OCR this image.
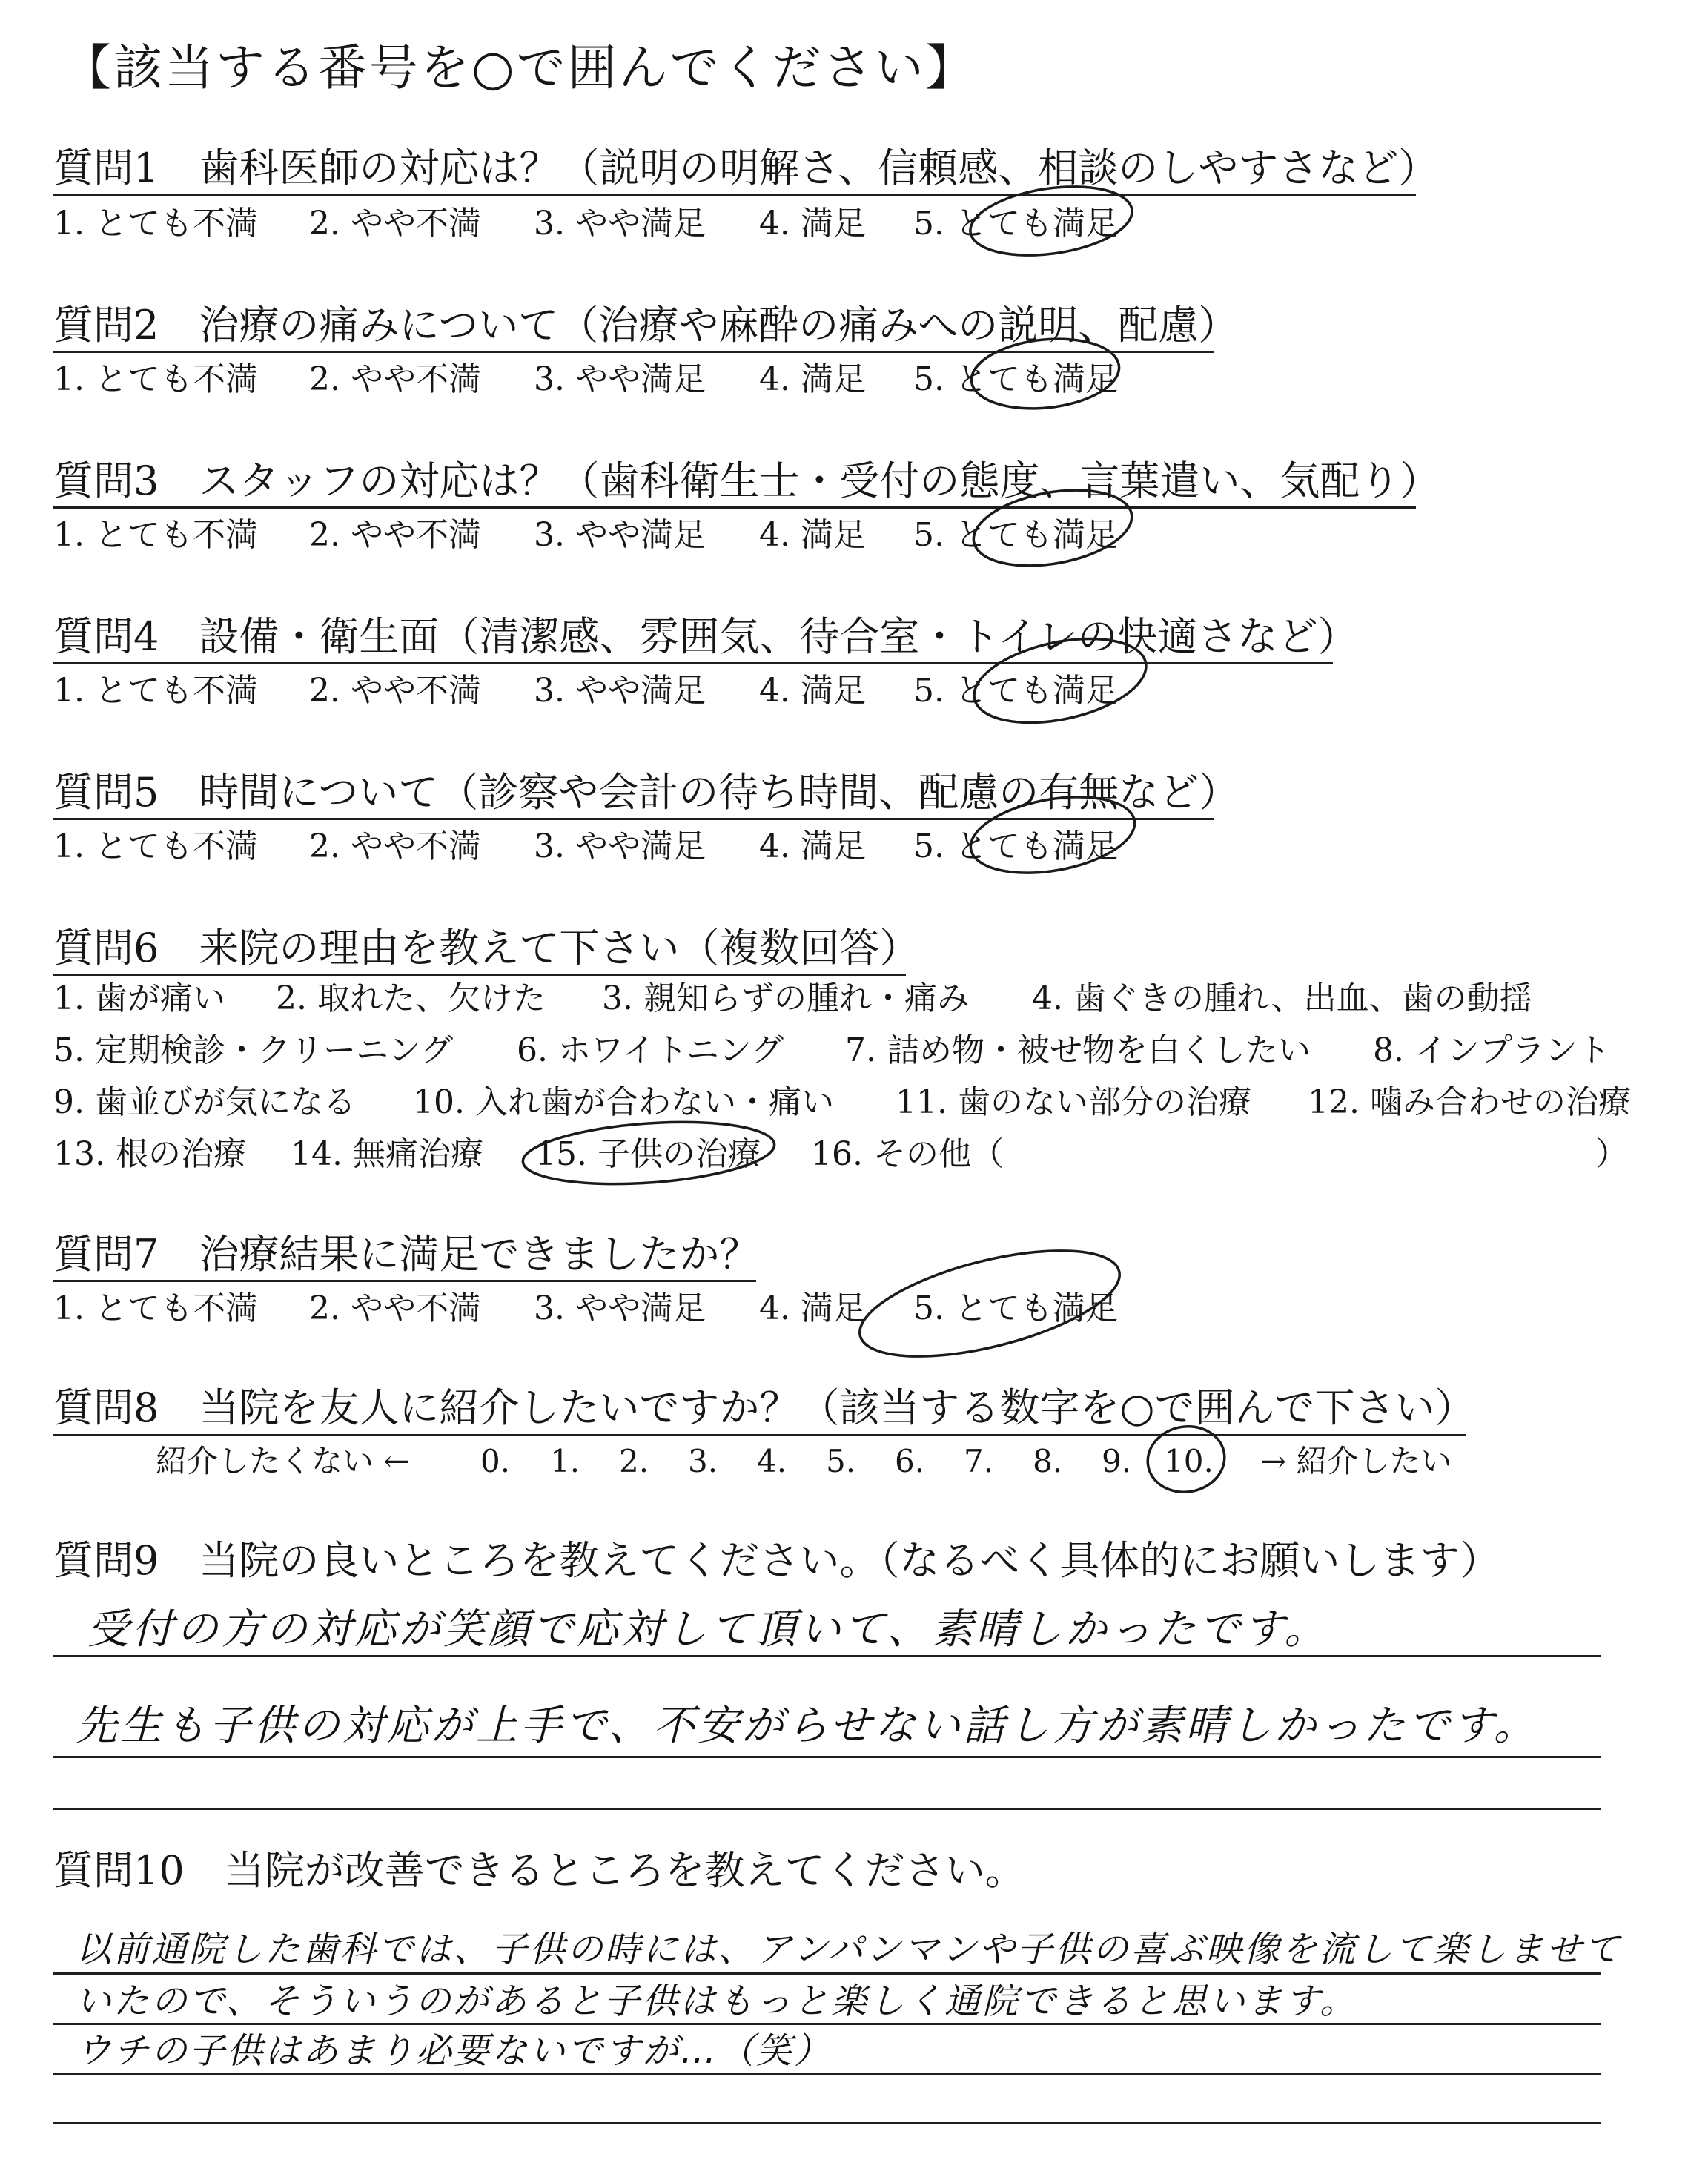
【該当する番号を○で囲んでください】
質問1　歯科医師の対応は？（説明の明解さ、信頼感、相談のしやすさなど）
1. とても不満 2. やや不満 3. やや満足 4. 満足 5. とても満足
質問2　治療の痛みについて（治療や麻酔の痛みへの説明、配慮）
1. とても不満 2. やや不満 3. やや満足 4. 満足 5. とても満足
質問3　スタッフの対応は？（歯科衛生士・受付の態度、言葉遣い、気配り）
1. とても不満 2. やや不満 3. やや満足 4. 満足 5. とても満足
質問4　設備・衛生面（清潔感、雰囲気、待合室・トイレの快適さなど）
1. とても不満 2. やや不満 3. やや満足 4. 満足 5. とても満足
質問5　時間について（診察や会計の待ち時間、配慮の有無など）
1. とても不満 2. やや不満 3. やや満足 4. 満足 5. とても満足
質問6　来院の理由を教えて下さい（複数回答）
1. 歯が痛い 2. 取れた、欠けた 3. 親知らずの腫れ・痛み 4. 歯ぐきの腫れ、出血、歯の動揺
5. 定期検診・クリーニング 6. ホワイトニング 7. 詰め物・被せ物を白くしたい 8. インプラント
9. 歯並びが気になる 10. 入れ歯が合わない・痛い 11. 歯のない部分の治療 12. 噛み合わせの治療
13. 根の治療 14. 無痛治療 15. 子供の治療 16. その他（	）
質問7　治療結果に満足できましたか？
1. とても不満 2. やや不満 3. やや満足 4. 満足 5. とても満足
質問8　当院を友人に紹介したいですか？（該当する数字を○で囲んで下さい）
紹介したくない ← 0. 1. 2. 3. 4. 5. 6. 7. 8. 9. 10. → 紹介したい
質問9　当院の良いところを教えてください。（なるべく具体的にお願いします）
受付の方の対応が笑顔で応対して頂いて、素晴しかったです。
先生も子供の対応が上手で、不安がらせない話し方が素晴しかったです。
質問10　当院が改善できるところを教えてください。
以前通院した歯科では、子供の時には、アンパンマンや子供の喜ぶ映像を流して楽しませて
いたので、そういうのがあると子供はもっと楽しく通院できると思います。
ウチの子供はあまり必要ないですが…（笑）
